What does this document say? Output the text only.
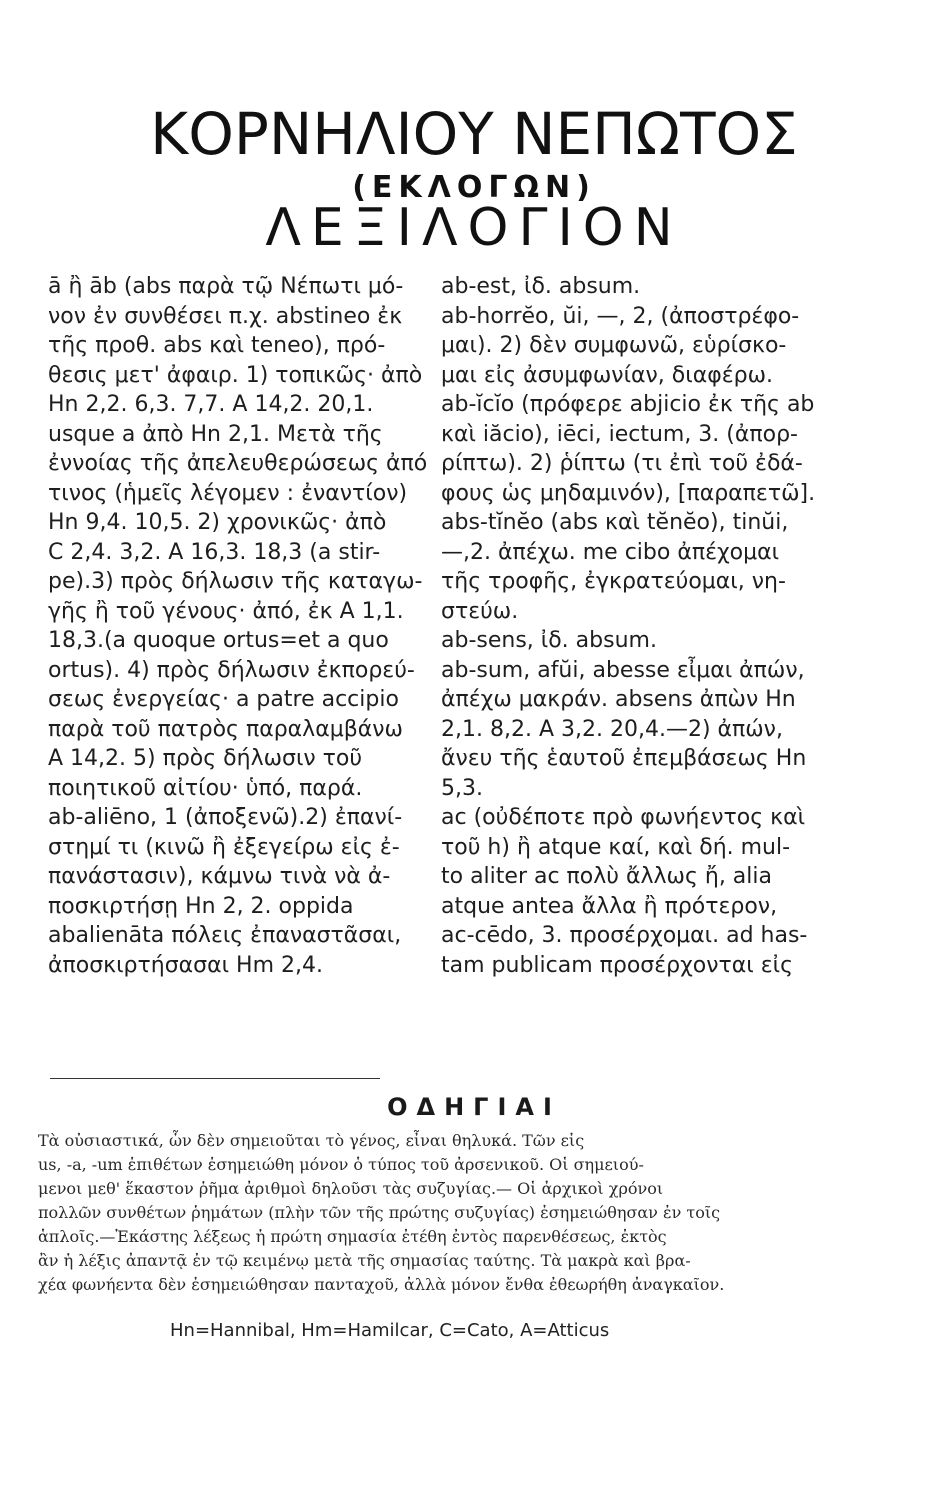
ΚΟΡΝΗΛΙΟΥ ΝΕΠΩΤΟΣ
(ΕΚΛΟΓΩΝ)
ΛΕΞΙΛΟΓΙΟΝ
ā ἢ āb (abs παρὰ τῷ Νέπωτι μό-
νον ἐν συνθέσει π.χ. abstineo ἐκ
τῆς προθ. abs καὶ teneo), πρό-
θεσις μετ' ἀφαιρ. 1) τοπικῶς· ἀπὸ
Hn 2,2. 6,3. 7,7. A 14,2. 20,1.
usque a ἀπὸ Hn 2,1. Μετὰ τῆς
ἐννοίας τῆς ἀπελευθερώσεως ἀπό
τινος (ἡμεῖς λέγομεν : ἐναντίον)
Hn 9,4. 10,5. 2) χρονικῶς· ἀπὸ
C 2,4. 3,2. A 16,3. 18,3 (a stir-
pe).3) πρὸς δήλωσιν τῆς καταγω-
γῆς ἢ τοῦ γένους· ἀπό, ἐκ A 1,1.
18,3.(a quoque ortus=et a quo
ortus). 4) πρὸς δήλωσιν ἐκπορεύ-
σεως ἐνεργείας· a patre accipio
παρὰ τοῦ πατρὸς παραλαμβάνω
A 14,2. 5) πρὸς δήλωσιν τοῦ
ποιητικοῦ αἰτίου· ὑπό, παρά.
ab-aliēno, 1 (ἀποξενῶ).2) ἐπανί-
στημί τι (κινῶ ἢ ἐξεγείρω εἰς ἐ-
πανάστασιν), κάμνω τινὰ νὰ ἀ-
ποσκιρτήσῃ Hn 2, 2. oppida
abalienāta πόλεις ἐπαναστᾶσαι,
ἀποσκιρτήσασαι Hm 2,4.
ab-est, ἰδ. absum.
ab-horrĕo, ŭi, —, 2, (ἀποστρέφο-
μαι). 2) δὲν συμφωνῶ, εὑρίσκο-
μαι εἰς ἀσυμφωνίαν, διαφέρω.
ab-ĭcĭo (πρόφερε abjicio ἐκ τῆς ab
καὶ iăcio), iēci, iectum, 3. (ἀπορ-
ρίπτω). 2) ῥίπτω (τι ἐπὶ τοῦ ἐδά-
φους ὡς μηδαμινόν), [παραπετῶ].
abs-tĭnĕo (abs καὶ tĕnĕo), tinŭi,
—,2. ἀπέχω. me cibo ἀπέχομαι
τῆς τροφῆς, ἐγκρατεύομαι, νη-
στεύω.
ab-sens, ἰδ. absum.
ab-sum, afŭi, abesse εἶμαι ἀπών,
ἀπέχω μακράν. absens ἀπὼν Hn
2,1. 8,2. A 3,2. 20,4.—2) ἀπών,
ἄνευ τῆς ἑαυτοῦ ἐπεμβάσεως Hn
5,3.
ac (οὐδέποτε πρὸ φωνήεντος καὶ
τοῦ h) ἢ atque καί, καὶ δή. mul-
to aliter ac πολὺ ἄλλως ἤ, alia
atque antea ἄλλα ἢ πρότερον,
ac-cēdo, 3. προσέρχομαι. ad has-
tam publicam προσέρχονται εἰς
ΟΔΗΓΙΑΙ
Τὰ οὐσιαστικά, ὧν δὲν σημειοῦται τὸ γένος, εἶναι θηλυκά. Τῶν εἰς
us, -a, -um ἐπιθέτων ἐσημειώθη μόνον ὁ τύπος τοῦ ἀρσενικοῦ. Οἱ σημειού-
μενοι μεθ' ἕκαστον ῥῆμα ἀριθμοὶ δηλοῦσι τὰς συζυγίας.— Οἱ ἀρχικοὶ χρόνοι
πολλῶν συνθέτων ῥημάτων (πλὴν τῶν τῆς πρώτης συζυγίας) ἐσημειώθησαν ἐν τοῖς
ἁπλοῖς.—Ἑκάστης λέξεως ἡ πρώτη σημασία ἐτέθη ἐντὸς παρενθέσεως, ἐκτὸς
ἂν ἡ λέξις ἀπαντᾷ ἐν τῷ κειμένῳ μετὰ τῆς σημασίας ταύτης. Τὰ μακρὰ καὶ βρα-
χέα φωνήεντα δὲν ἐσημειώθησαν πανταχοῦ, ἀλλὰ μόνον ἔνθα ἐθεωρήθη ἀναγκαῖον.
Hn=Hannibal, Hm=Hamilcar, C=Cato, A=Atticus
